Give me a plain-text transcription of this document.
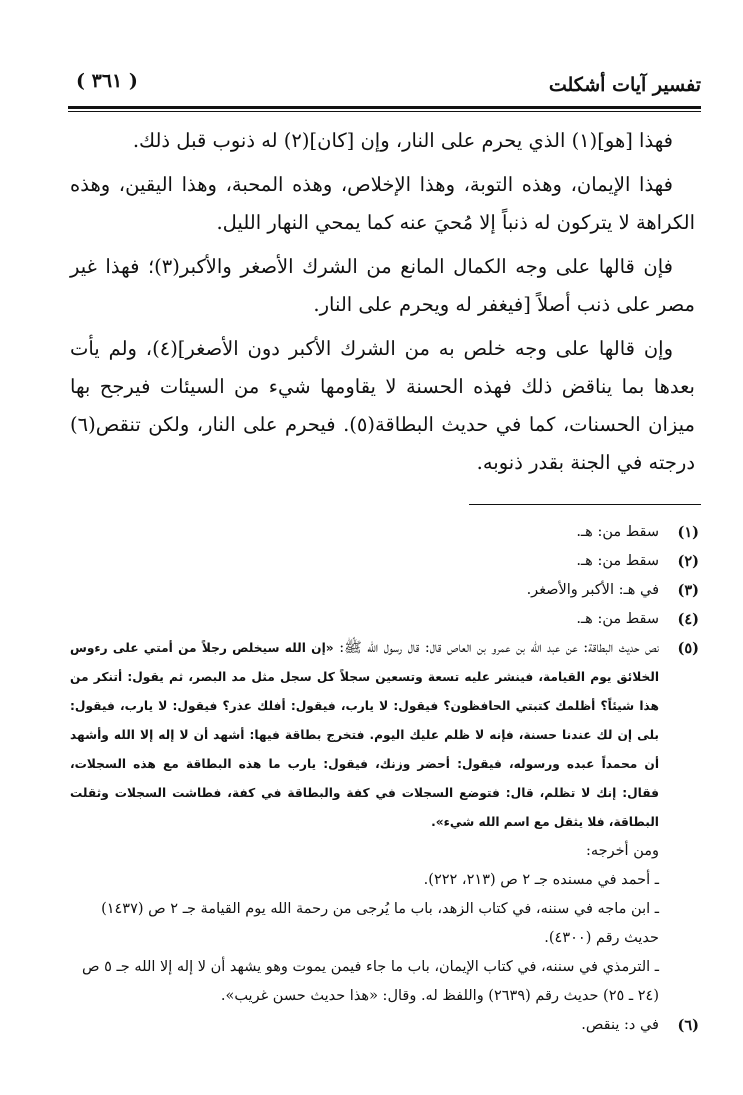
تفسير آيات أشكلت
( ٣٦١ )

فهذا [هو](١) الذي يحرم على النار، وإن [كان](٢) له ذنوب قبل ذلك.

فهذا الإيمان، وهذه التوبة، وهذا الإخلاص، وهذه المحبة، وهذا اليقين، وهذه الكراهة لا يتركون له ذنباً إلا مُحيَ عنه كما يمحي النهار الليل.

فإن قالها على وجه الكمال المانع من الشرك الأصغر والأكبر(٣)؛ فهذا غير مصر على ذنب أصلاً [فيغفر له ويحرم على النار.

وإن قالها على وجه خلص به من الشرك الأكبر دون الأصغر](٤)، ولم يأت بعدها بما يناقض ذلك فهذه الحسنة لا يقاومها شيء من السيئات فيرجح بها ميزان الحسنات، كما في حديث البطاقة(٥). فيحرم على النار، ولكن تنقص(٦) درجته في الجنة بقدر ذنوبه.

(١)
سقط من: هـ.
(٢)
سقط من: هـ.
(٣)
في هـ: الأكبر والأصغر.
(٤)
سقط من: هـ.
(٥)
نص حديث البطاقة: عن عبد الله بن عمرو بن العاص قال: قال رسول الله ﷺ: «إن الله سيخلص رجلاً من أمتي على رءوس الخلائق يوم القيامة، فينشر عليه تسعة وتسعين سجلاً كل سجل مثل مد البصر، ثم يقول: أتنكر من هذا شيئاً؟ أظلمك كتبتي الحافظون؟ فيقول: لا يارب، فيقول: أفلك عذر؟ فيقول: لا يارب، فيقول: بلى إن لك عندنا حسنة، فإنه لا ظلم عليك اليوم. فتخرج بطاقة فيها: أشهد أن لا إله إلا الله وأشهد أن محمداً عبده ورسوله، فيقول: أحضر وزنك، فيقول: يارب ما هذه البطاقة مع هذه السجلات، فقال: إنك لا تظلم، قال: فتوضع السجلات في كفة والبطاقة في كفة، فطاشت السجلات وثقلت البطاقة، فلا يثقل مع اسم الله شيء».
ومن أخرجه:
ـ أحمد في مسنده جـ ٢ ص (٢١٣، ٢٢٢).
ـ ابن ماجه في سننه، في كتاب الزهد، باب ما يُرجى من رحمة الله يوم القيامة جـ ٢ ص (١٤٣٧) حديث رقم (٤٣٠٠).
ـ الترمذي في سننه، في كتاب الإيمان، باب ما جاء فيمن يموت وهو يشهد أن لا إله إلا الله جـ ٥ ص (٢٤ ـ ٢٥) حديث رقم (٢٦٣٩) واللفظ له. وقال: «هذا حديث حسن غريب».
(٦)
في د: ينقص.
